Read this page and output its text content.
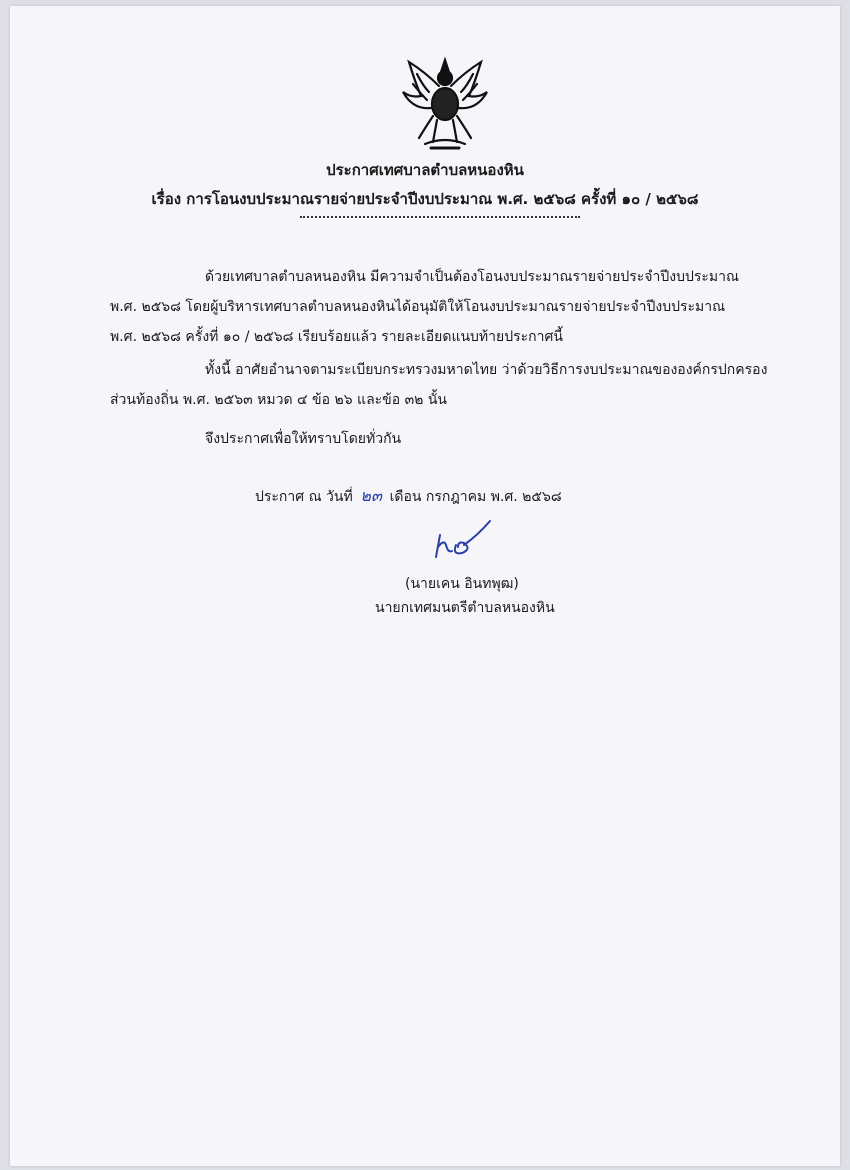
ประกาศเทศบาลตำบลหนองหิน
เรื่อง การโอนงบประมาณรายจ่ายประจำปีงบประมาณ พ.ศ. ๒๕๖๘ ครั้งที่ ๑๐ / ๒๕๖๘
ด้วยเทศบาลตำบลหนองหิน มีความจำเป็นต้องโอนงบประมาณรายจ่ายประจำปีงบประมาณ
พ.ศ. ๒๕๖๘ โดยผู้บริหารเทศบาลตำบลหนองหินได้อนุมัติให้โอนงบประมาณรายจ่ายประจำปีงบประมาณ
พ.ศ. ๒๕๖๘ ครั้งที่ ๑๐ / ๒๕๖๘ เรียบร้อยแล้ว รายละเอียดแนบท้ายประกาศนี้
ทั้งนี้ อาศัยอำนาจตามระเบียบกระทรวงมหาดไทย ว่าด้วยวิธีการงบประมาณขององค์กรปกครอง
ส่วนท้องถิ่น พ.ศ. ๒๕๖๓ หมวด ๔ ข้อ ๒๖ และข้อ ๓๒ นั้น
จึงประกาศเพื่อให้ทราบโดยทั่วกัน
ประกาศ ณ วันที่ ๒๓ เดือน กรกฎาคม พ.ศ. ๒๕๖๘
(นายเคน อินทพุฒ)
นายกเทศมนตรีตำบลหนองหิน
